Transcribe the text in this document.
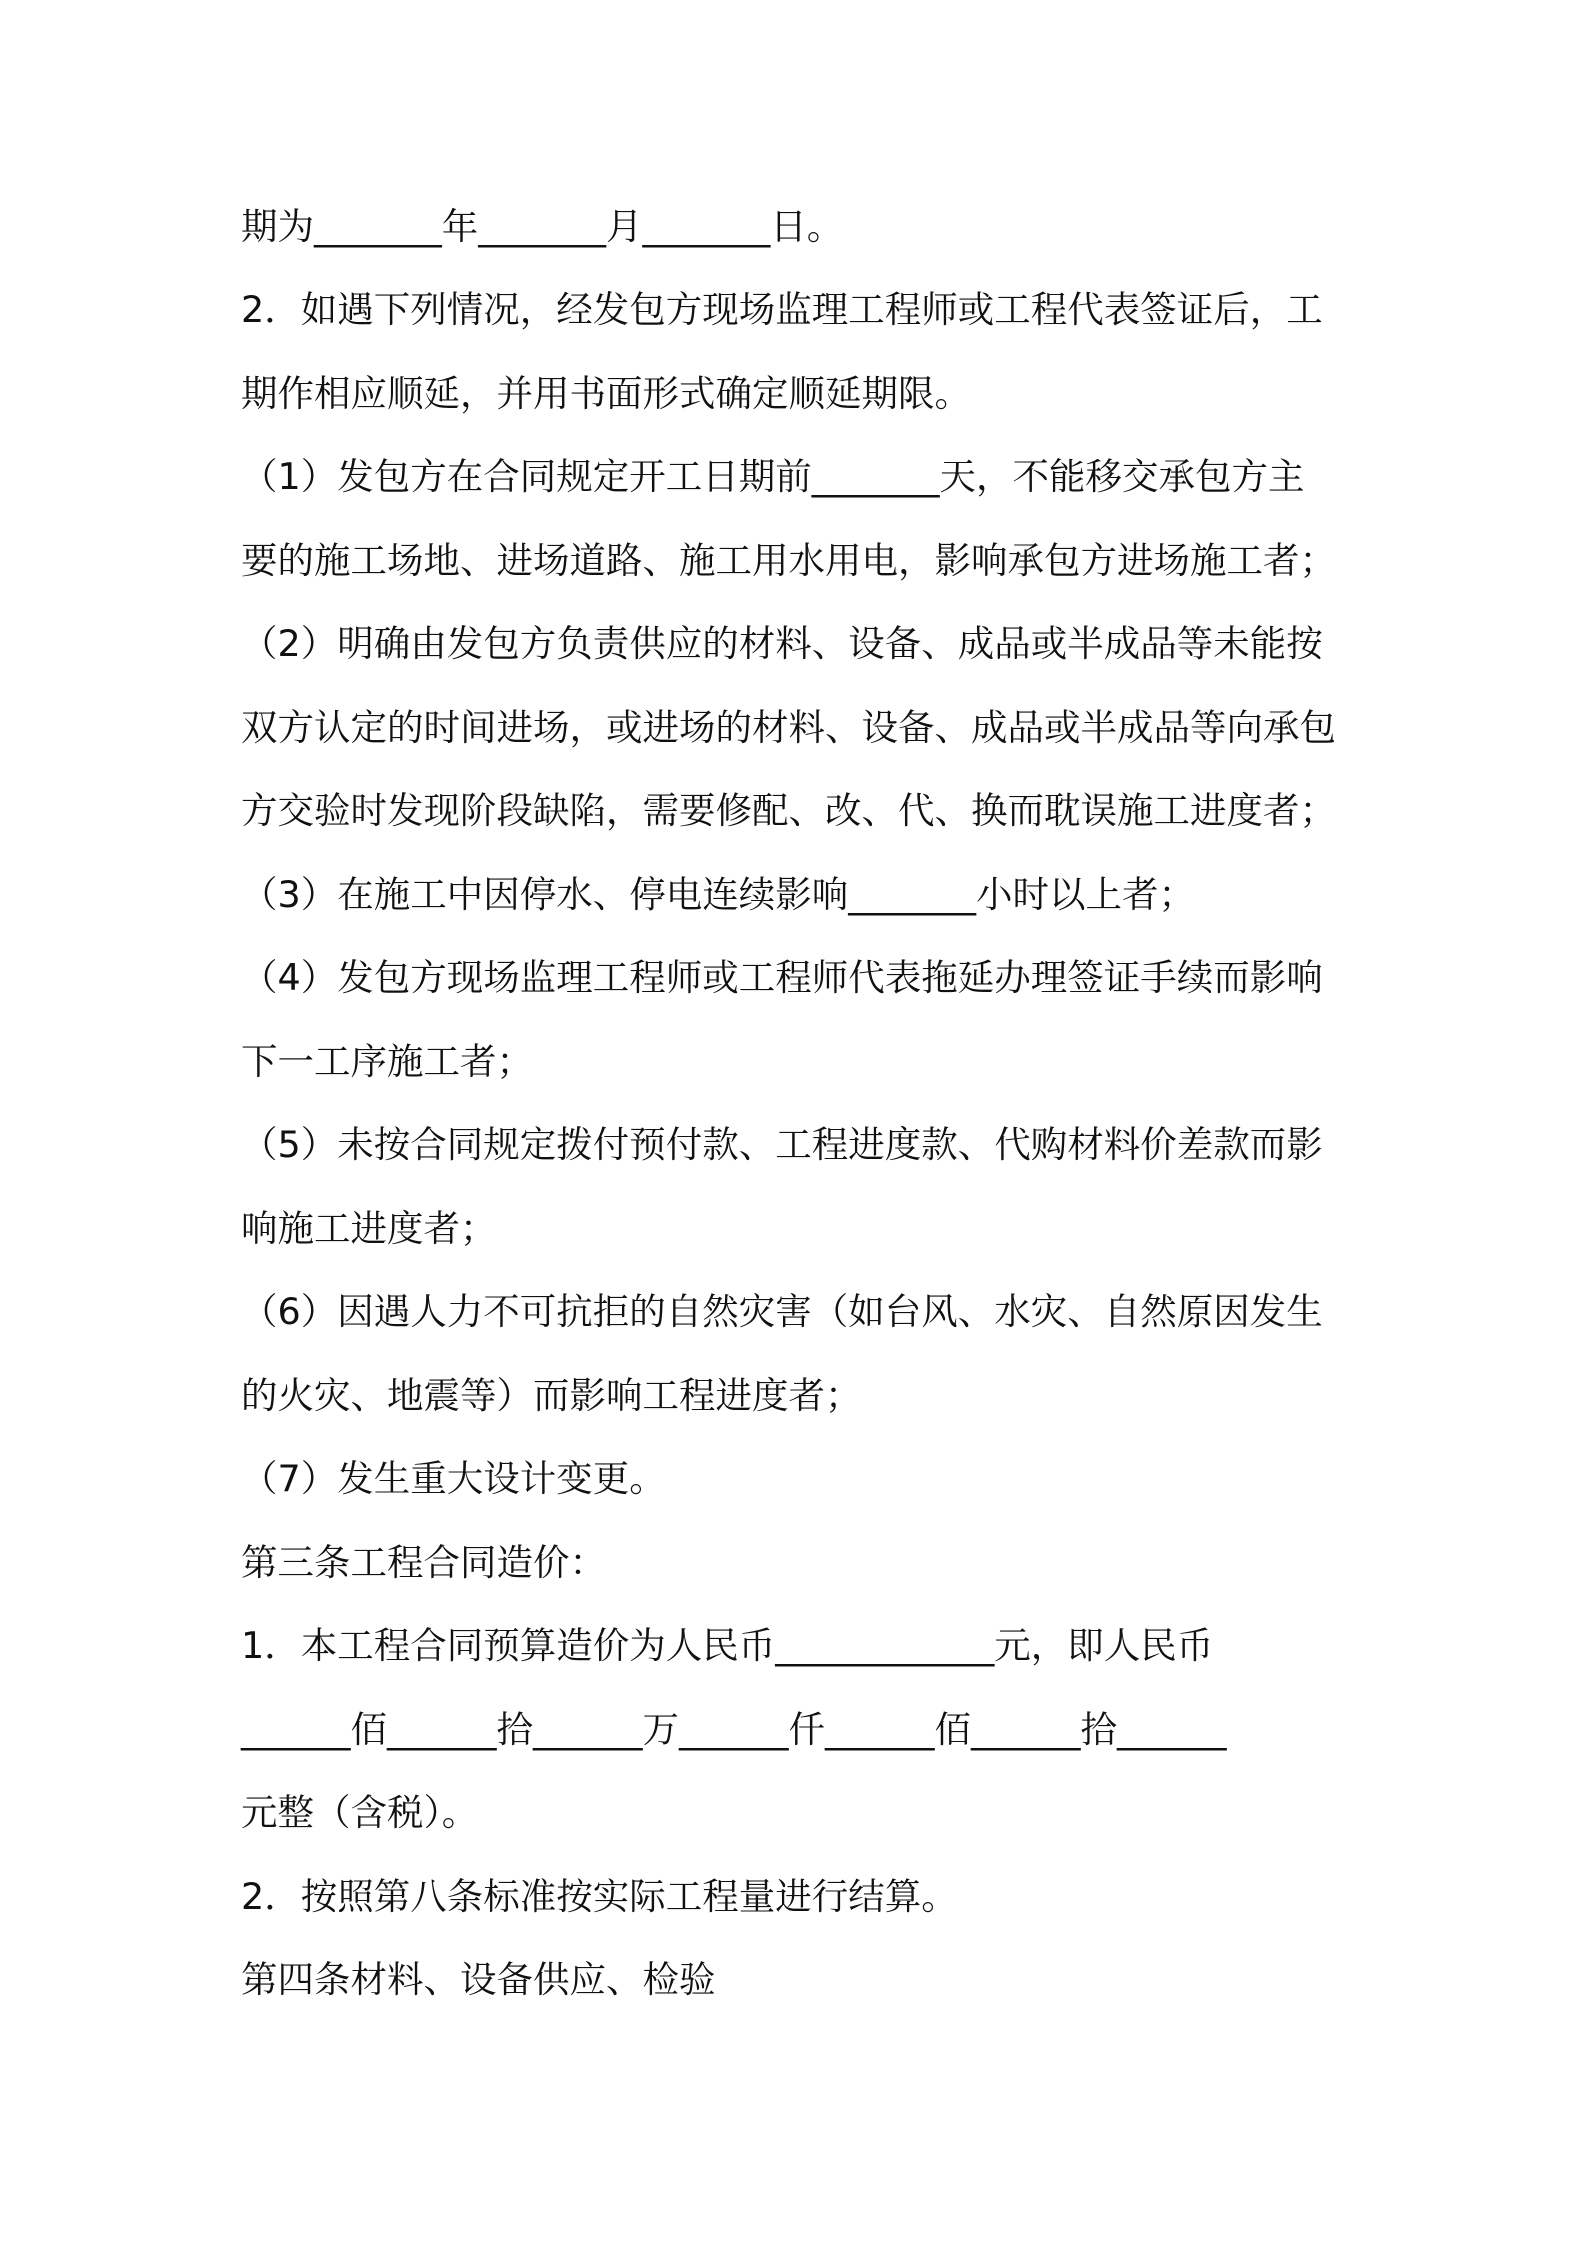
期为_______年_______月_______日。
2．如遇下列情况，经发包方现场监理工程师或工程代表签证后，工
期作相应顺延，并用书面形式确定顺延期限。
（1）发包方在合同规定开工日期前_______天，不能移交承包方主
要的施工场地、进场道路、施工用水用电，影响承包方进场施工者；
（2）明确由发包方负责供应的材料、设备、成品或半成品等未能按
双方认定的时间进场，或进场的材料、设备、成品或半成品等向承包
方交验时发现阶段缺陷，需要修配、改、代、换而耽误施工进度者；
（3）在施工中因停水、停电连续影响_______小时以上者；
（4）发包方现场监理工程师或工程师代表拖延办理签证手续而影响
下一工序施工者；
（5）未按合同规定拨付预付款、工程进度款、代购材料价差款而影
响施工进度者；
（6）因遇人力不可抗拒的自然灾害（如台风、水灾、自然原因发生
的火灾、地震等）而影响工程进度者；
（7）发生重大设计变更。
第三条工程合同造价：
1．本工程合同预算造价为人民币____________元，即人民币
______佰______拾______万______仟______佰______拾______
元整（含税）。
2．按照第八条标准按实际工程量进行结算。
第四条材料、设备供应、检验
